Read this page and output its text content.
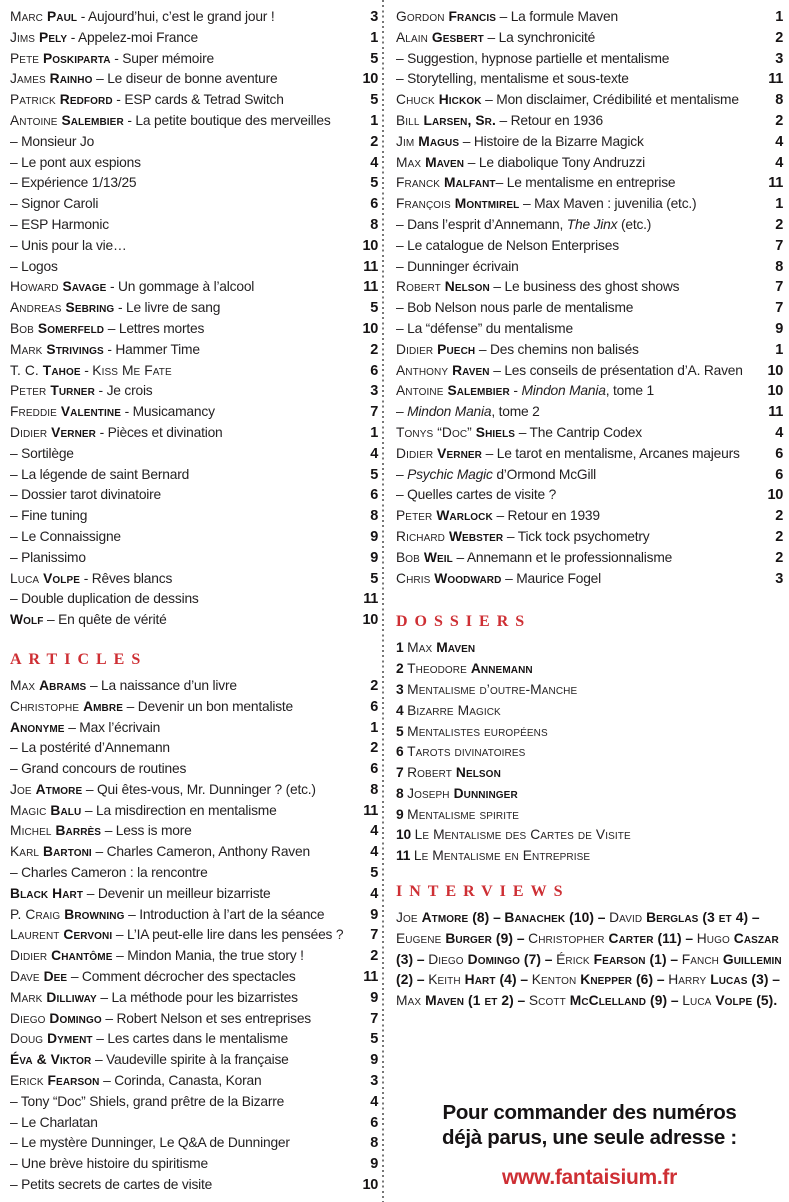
Marc Paul - Aujourd’hui, c’est le grand jour !	3
Jims Pely - Appelez-moi France	1
Pete Poskiparta - Super mémoire	5
James Rainho – Le diseur de bonne aventure	10
Patrick Redford - ESP cards & Tetrad Switch	5
Antoine Salembier - La petite boutique des merveilles	1
– Monsieur Jo	2
– Le pont aux espions	4
– Expérience 1/13/25	5
– Signor Caroli	6
– ESP Harmonic	8
– Unis pour la vie…	10
– Logos	11
Howard Savage - Un gommage à l’alcool	11
Andreas Sebring - Le livre de sang	5
Bob Somerfeld – Lettres mortes	10
Mark Strivings - Hammer Time	2
T. C. Tahoe - Kiss Me Fate	6
Peter Turner - Je crois	3
Freddie Valentine - Musicamancy	7
Didier Verner - Pièces et divination	1
– Sortilège	4
– La légende de saint Bernard	5
– Dossier tarot divinatoire	6
– Fine tuning	8
– Le Connaissigne	9
– Planissimo	9
Luca Volpe - Rêves blancs	5
– Double duplication de dessins	11
Wolf – En quête de vérité	10
ARTICLES
Max Abrams – La naissance d’un livre	2
Christophe Ambre – Devenir un bon mentaliste	6
Anonyme – Max l’écrivain	1
– La postérité d’Annemann	2
– Grand concours de routines	6
Joe Atmore – Qui êtes-vous, Mr. Dunninger ? (etc.)	8
Magic Balu – La misdirection en mentalisme	11
Michel Barrès – Less is more	4
Karl Bartoni – Charles Cameron, Anthony Raven	4
– Charles Cameron : la rencontre	5
Black Hart – Devenir un meilleur bizarriste	4
P. Craig Browning – Introduction à l’art de la séance	9
Laurent Cervoni – L’IA peut-elle lire dans les pensées ?	7
Didier Chantôme – Mindon Mania, the true story !	2
Dave Dee – Comment décrocher des spectacles	11
Mark Dilliway – La méthode pour les bizarristes	9
Diego Domingo – Robert Nelson et ses entreprises	7
Doug Dyment – Les cartes dans le mentalisme	5
Éva & Viktor – Vaudeville spirite à la française	9
Erick Fearson – Corinda, Canasta, Koran	3
– Tony “Doc” Shiels, grand prêtre de la Bizarre	4
– Le Charlatan	6
– Le mystère Dunninger, Le Q&A de Dunninger	8
– Une brève histoire du spiritisme	9
– Petits secrets de cartes de visite	10
Gordon Francis – La formule Maven	1
Alain Gesbert – La synchronicité	2
– Suggestion, hypnose partielle et mentalisme	3
– Storytelling, mentalisme et sous-texte	11
Chuck Hickok – Mon disclaimer, Crédibilité et mentalisme	8
Bill Larsen, Sr. – Retour en 1936	2
Jim Magus – Histoire de la Bizarre Magick	4
Max Maven – Le diabolique Tony Andruzzi	4
Franck Malfant– Le mentalisme en entreprise	11
François Montmirel – Max Maven : juvenilia (etc.)	1
– Dans l’esprit d’Annemann, The Jinx (etc.)	2
– Le catalogue de Nelson Enterprises	7
– Dunninger écrivain	8
Robert Nelson – Le business des ghost shows	7
– Bob Nelson nous parle de mentalisme	7
– La “défense” du mentalisme	9
Didier Puech – Des chemins non balisés	1
Anthony Raven – Les conseils de présentation d’A. Raven	10
Antoine Salembier - Mindon Mania, tome 1	10
– Mindon Mania, tome 2	11
Tonys “Doc” Shiels – The Cantrip Codex	4
Didier Verner – Le tarot en mentalisme, Arcanes majeurs	6
– Psychic Magic d’Ormond McGill	6
– Quelles cartes de visite ?	10
Peter Warlock – Retour en 1939	2
Richard Webster – Tick tock psychometry	2
Bob Weil – Annemann et le professionnalisme	2
Chris Woodward – Maurice Fogel	3
DOSSIERS
1 Max Maven
2 Theodore Annemann
3 Mentalisme d’outre-Manche
4 Bizarre Magick
5 Mentalistes européens
6 Tarots divinatoires
7 Robert Nelson
8 Joseph Dunninger
9 Mentalisme spirite
10 Le Mentalisme des Cartes de Visite
11 Le Mentalisme en Entreprise
INTERVIEWS
Joe Atmore (8) – Banachek (10) – David Berglas (3 et 4) – Eugene Burger (9) – Christopher Carter (11) – Hugo Caszar (3) – Diego Domingo (7) – Érick Fearson (1) – Fanch Guillemin (2) – Keith Hart (4) – Kenton Knepper (6) – Harry Lucas (3) – Max Maven (1 et 2) – Scott McClelland (9) – Luca Volpe (5).
Pour commander des numéros
déjà parus, une seule adresse :
www.fantaisium.fr
